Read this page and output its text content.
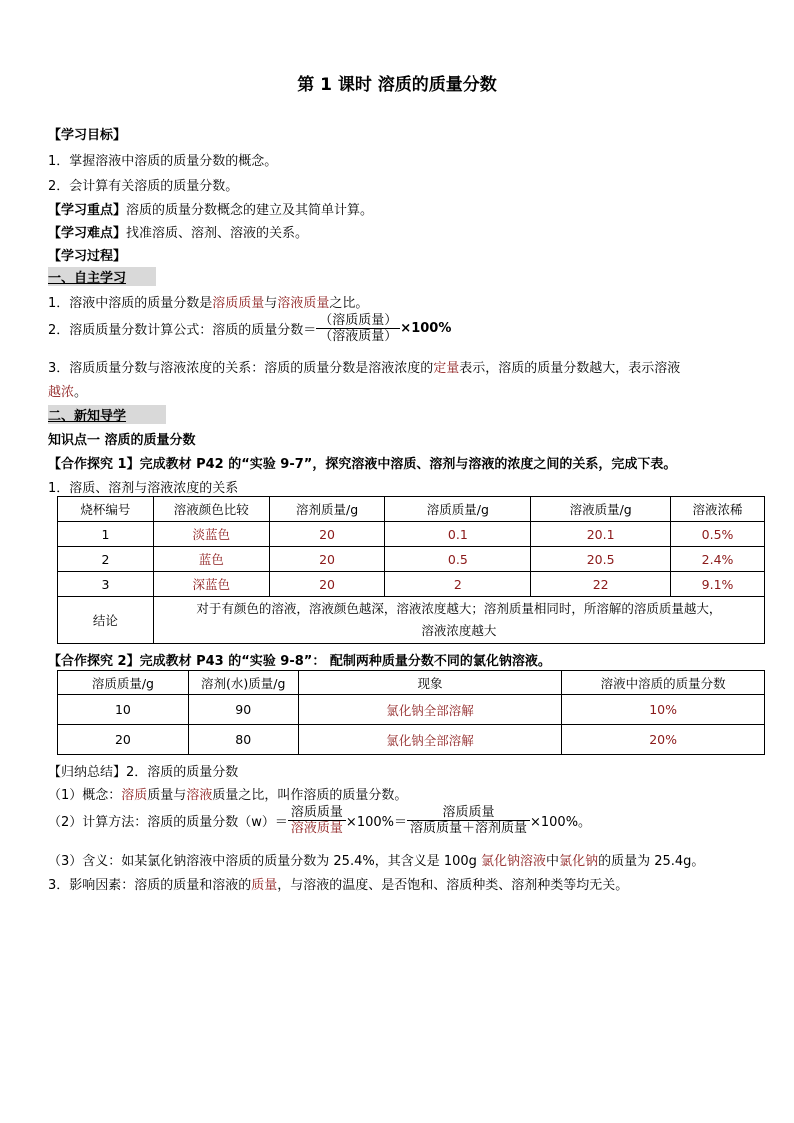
第 1 课时 溶质的质量分数
【学习目标】
1．掌握溶液中溶质的质量分数的概念。
2．会计算有关溶质的质量分数。
【学习重点】溶质的质量分数概念的建立及其简单计算。
【学习难点】找准溶质、溶剂、溶液的关系。
【学习过程】
一、自主学习
1．溶液中溶质的质量分数是溶质质量与溶液质量之比。
2．溶质质量分数计算公式：溶质的质量分数＝ $\frac{\text{（溶质质量）}}{\text{（溶液质量）}} \times 100\%$
3．溶质质量分数与溶液浓度的关系：溶质的质量分数是溶液浓度的定量表示，溶质的质量分数越大，表示溶液
越浓。
二、新知导学
知识点一 溶质的质量分数
【合作探究 1】完成教材 P42 的“实验 9-7”，探究溶液中溶质、溶剂与溶液的浓度之间的关系，完成下表。
1．溶质、溶剂与溶液浓度的关系
烧杯编号	溶液颜色比较	溶剂质量/g	溶质质量/g	溶液质量/g	溶液浓稀
1	淡蓝色	20	0.1	20.1	0.5%
2	蓝色	20	0.5	20.5	2.4%
3	深蓝色	20	2	22	9.1%
结论	对于有颜色的溶液，溶液颜色越深，溶液浓度越大；溶剂质量相同时，所溶解的溶质质量越大，
溶液浓度越大				
【合作探究 2】完成教材 P43 的“实验 9-8”： 配制两种质量分数不同的氯化钠溶液。
溶质质量/g	溶剂(水)质量/g	现象	溶液中溶质的质量分数
10	90	氯化钠全部溶解	10%
20	80	氯化钠全部溶解	20%
【归纳总结】2．溶质的质量分数
（1）概念：溶质质量与溶液质量之比，叫作溶质的质量分数。
（2）计算方法：溶质的质量分数$(w)= \frac{\text{溶质质量}}{\text{溶液质量}} \times 100\%= \frac{\text{溶质质量}}{\text{溶质质量＋溶剂质量}} \times 100\%$。
（3）含义：如某氯化钠溶液中溶质的质量分数为 25.4%，其含义是 100g 氯化钠溶液中氯化钠的质量为 25.4g。
3．影响因素：溶质的质量和溶液的质量，与溶液的温度、是否饱和、溶质种类、溶剂种类等均无关。
